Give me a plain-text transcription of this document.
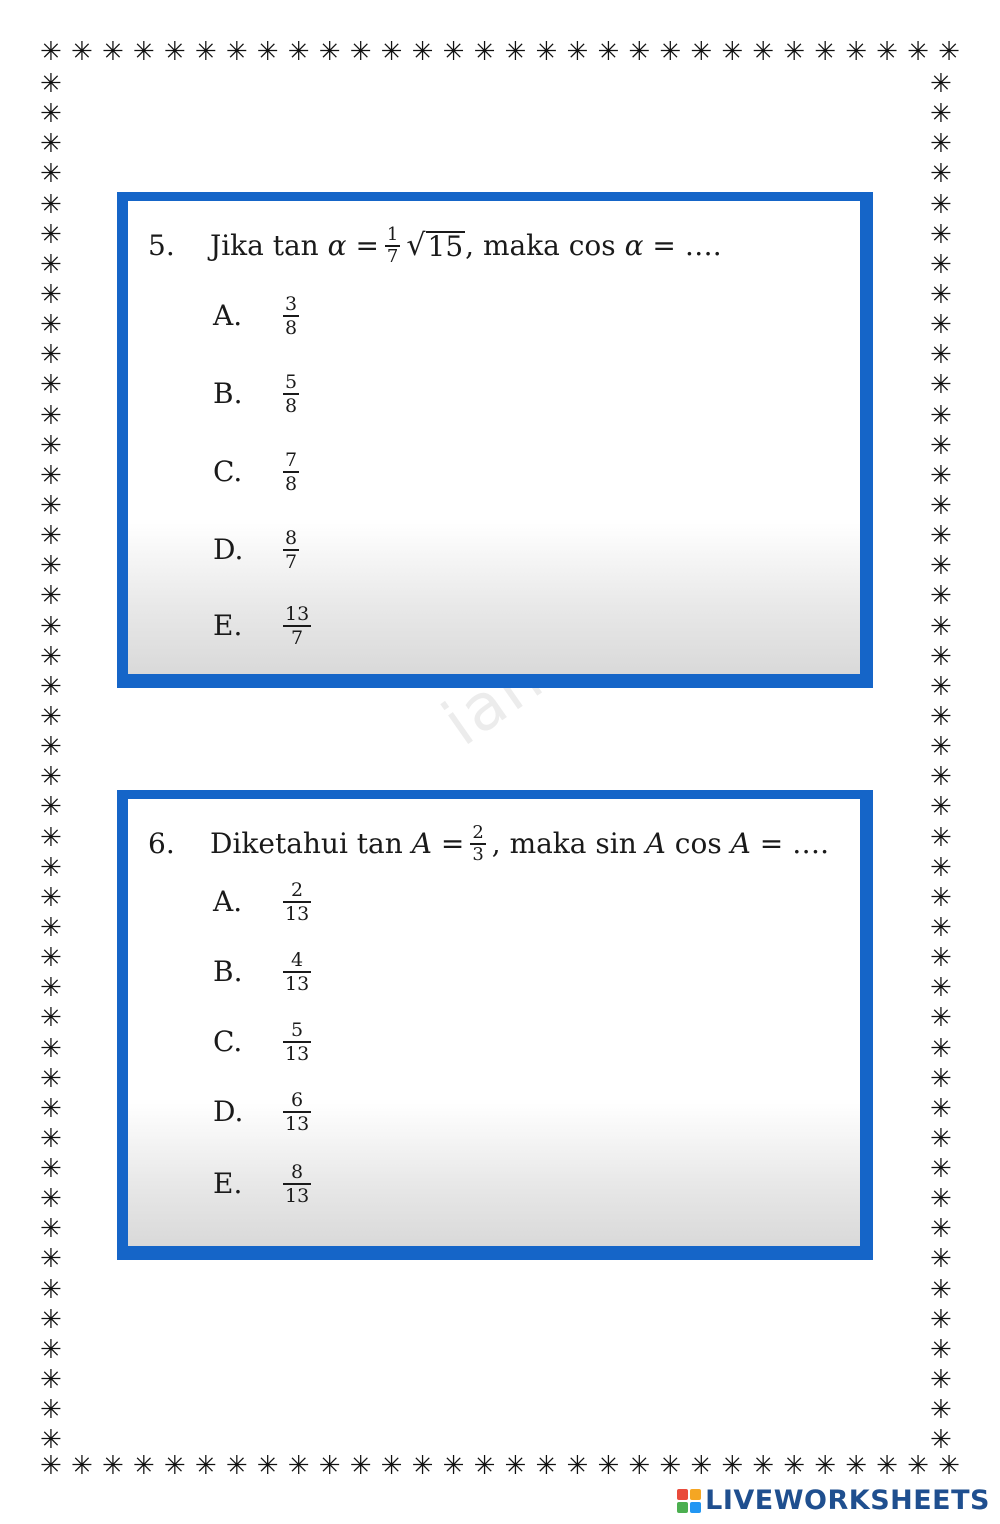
✳ ✳ ✳ ✳ ✳ ✳ ✳ ✳ ✳ ✳ ✳ ✳ ✳ ✳ ✳ ✳ ✳ ✳ ✳ ✳ ✳ ✳ ✳ ✳ ✳ ✳ ✳ ✳ ✳ ✳
✳ ✳ ✳ ✳ ✳ ✳ ✳ ✳ ✳ ✳ ✳ ✳ ✳ ✳ ✳ ✳ ✳ ✳ ✳ ✳ ✳ ✳ ✳ ✳ ✳ ✳ ✳ ✳ ✳ ✳
✳
✳
✳
✳
✳
✳
✳
✳
✳
✳
✳
✳
✳
✳
✳
✳
✳
✳
✳
✳
✳
✳
✳
✳
✳
✳
✳
✳
✳
✳
✳
✳
✳
✳
✳
✳
✳
✳
✳
✳
✳
✳
✳
✳
✳
✳
✳
✳
✳
✳
✳
✳
✳
✳
✳
✳
✳
✳
✳
✳
✳
✳
✳
✳
✳
✳
✳
✳
✳
✳
✳
✳
✳
✳
✳
✳
✳
✳
✳
✳
✳
✳
✳
✳
✳
✳
✳
✳
✳
✳
✳
✳
5.	Jika tan
α
= $\frac{1}{7}$ √ 15 , maka cos
α
= ….
A.	$\frac{3}{8}$
B.	$\frac{5}{8}$
C.	$\frac{7}{8}$
D.	$\frac{8}{7}$
E.	$\frac{13}{7}$
6.	Diketahui tan
A
= $\frac{2}{3}$ , maka sin
A
cos
A
= ….
A.	$\frac{2}{13}$
B.	$\frac{4}{13}$
C.	$\frac{5}{13}$
D.	$\frac{6}{13}$
E.	$\frac{8}{13}$
LIVEWORKSHEETS
